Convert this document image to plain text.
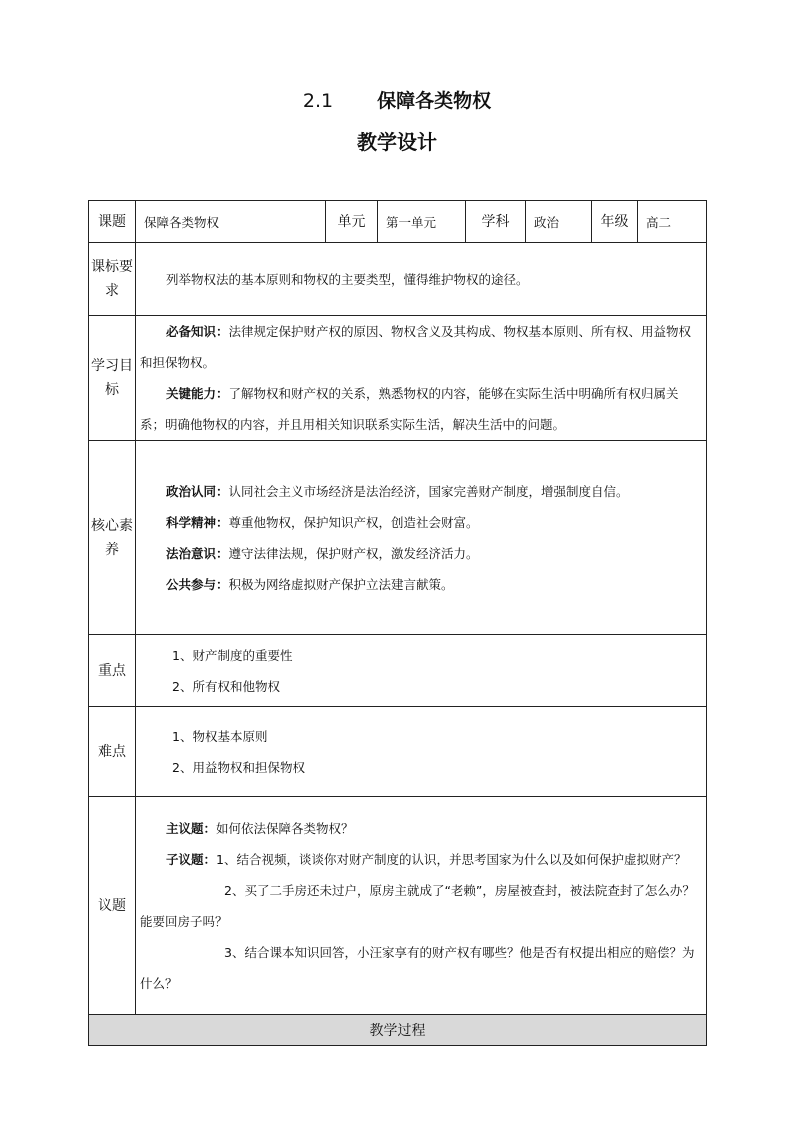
2.1 保障各类物权
教学设计
课题	保障各类物权	单元	第一单元	学科	政治	年级	高二
课标要求	列举物权法的基本原则和物权的主要类型，懂得维护物权的途径。						

学习目标	必备知识：法律规定保护财产权的原因、物权含义及其构成、物权基本原则、所有权、用益物权和担保物权。
关键能力：了解物权和财产权的关系，熟悉物权的内容，能够在实际生活中明确所有权归属关系；明确他物权的内容，并且用相关知识联系实际生活，解决生活中的问题。						

核心素养	政治认同：认同社会主义市场经济是法治经济，国家完善财产制度，增强制度自信。
科学精神：尊重他物权，保护知识产权，创造社会财富。
法治意识：遵守法律法规，保护财产权，激发经济活力。
公共参与：积极为网络虚拟财产保护立法建言献策。						

重点	1、财产制度的重要性
2、所有权和他物权						

难点	1、物权基本原则
2、用益物权和担保物权						

议题	主议题：如何依法保障各类物权？
子议题：1、结合视频，谈谈你对财产制度的认识，并思考国家为什么以及如何保护虚拟财产？
2、买了二手房还未过户，原房主就成了“老赖”，房屋被查封，被法院查封了怎么办？能要回房子吗？
3、结合课本知识回答，小汪家享有的财产权有哪些？他是否有权提出相应的赔偿？为什么？						

教学过程							
